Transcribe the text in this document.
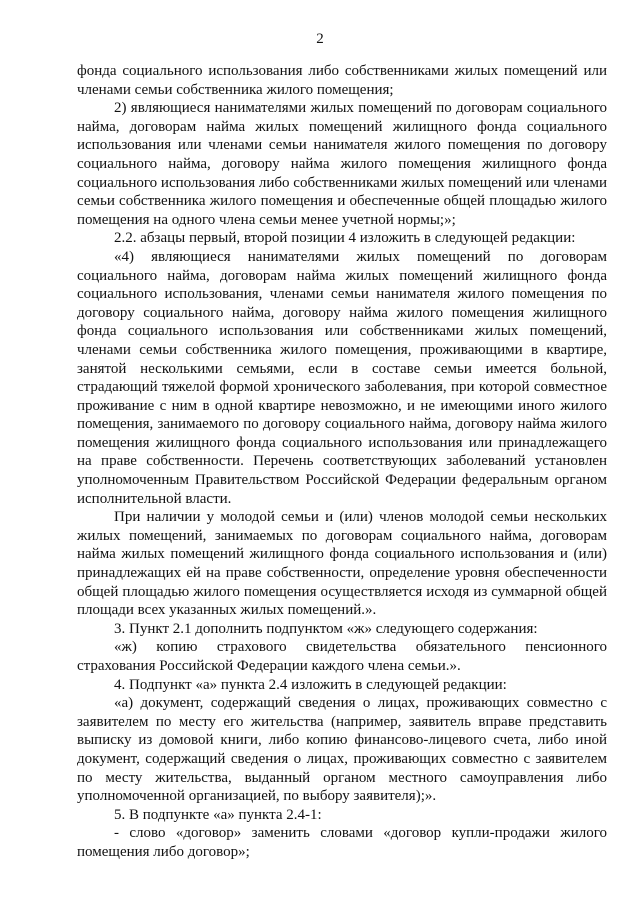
2

фонда социального использования либо собственниками жилых помещений или членами семьи собственника жилого помещения;

2) являющиеся нанимателями жилых помещений по договорам социального найма, договорам найма жилых помещений жилищного фонда социального использования или членами семьи нанимателя жилого помещения по договору социального найма, договору найма жилого помещения жилищного фонда социального использования либо собственниками жилых помещений или членами семьи собственника жилого помещения и обеспеченные общей площадью жилого помещения на одного члена семьи менее учетной нормы;»;

2.2. абзацы первый, второй позиции 4 изложить в следующей редакции:

«4) являющиеся нанимателями жилых помещений по договорам социального найма, договорам найма жилых помещений жилищного фонда социального использования, членами семьи нанимателя жилого помещения по договору социального найма, договору найма жилого помещения жилищного фонда социального использования или собственниками жилых помещений, членами семьи собственника жилого помещения, проживающими в квартире, занятой несколькими семьями, если в составе семьи имеется больной, страдающий тяжелой формой хронического заболевания, при которой совместное проживание с ним в одной квартире невозможно, и не имеющими иного жилого помещения, занимаемого по договору социального найма, договору найма жилого помещения жилищного фонда социального использования или принадлежащего на праве собственности. Перечень соответствующих заболеваний установлен уполномоченным Правительством Российской Федерации федеральным органом исполнительной власти.

При наличии у молодой семьи и (или) членов молодой семьи нескольких жилых помещений, занимаемых по договорам социального найма, договорам найма жилых помещений жилищного фонда социального использования и (или) принадлежащих ей на праве собственности, определение уровня обеспеченности общей площадью жилого помещения осуществляется исходя из суммарной общей площади всех указанных жилых помещений.».

3. Пункт 2.1 дополнить подпунктом «ж» следующего содержания:

«ж) копию страхового свидетельства обязательного пенсионного страхования Российской Федерации каждого члена семьи.».

4. Подпункт «а» пункта 2.4 изложить в следующей редакции:

«а) документ, содержащий сведения о лицах, проживающих совместно с заявителем по месту его жительства (например, заявитель вправе представить выписку из домовой книги, либо копию финансово-лицевого счета, либо иной документ, содержащий сведения о лицах, проживающих совместно с заявителем по месту жительства, выданный органом местного самоуправления либо уполномоченной организацией, по выбору заявителя);».

5. В подпункте «а» пункта 2.4-1:

- слово «договор» заменить словами «договор купли-продажи жилого помещения либо договор»;
